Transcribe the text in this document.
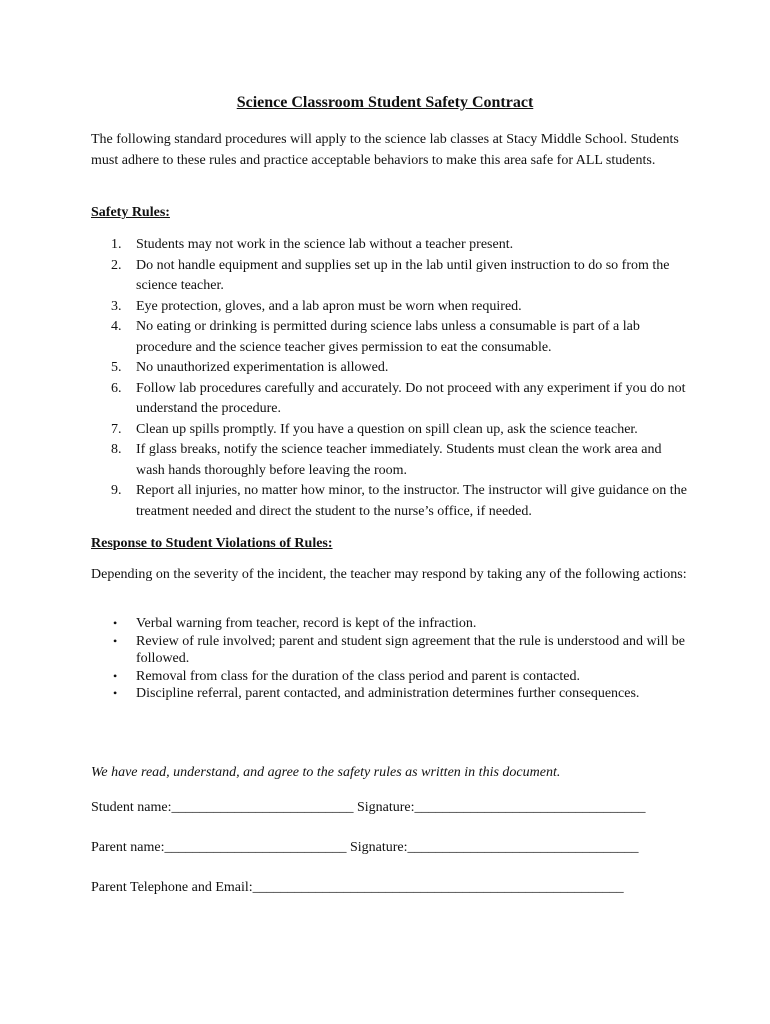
Science Classroom Student Safety Contract

The following standard procedures will apply to the science lab classes at Stacy Middle School. Students must adhere to these rules and practice acceptable behaviors to make this area safe for ALL students.

Safety Rules:

1.	Students may not work in the science lab without a teacher present.
2.	Do not handle equipment and supplies set up in the lab until given instruction to do so from the science teacher.
3.	Eye protection, gloves, and a lab apron must be worn when required.
4.	No eating or drinking is permitted during science labs unless a consumable is part of a lab procedure and the science teacher gives permission to eat the consumable.
5.	No unauthorized experimentation is allowed.
6.	Follow lab procedures carefully and accurately. Do not proceed with any experiment if you do not understand the procedure.
7.	Clean up spills promptly. If you have a question on spill clean up, ask the science teacher.
8.	If glass breaks, notify the science teacher immediately. Students must clean the work area and wash hands thoroughly before leaving the room.
9.	Report all injuries, no matter how minor, to the instructor. The instructor will give guidance on the treatment needed and direct the student to the nurse’s office, if needed.

Response to Student Violations of Rules:

Depending on the severity of the incident, the teacher may respond by taking any of the following actions:

• Verbal warning from teacher, record is kept of the infraction.
• Review of rule involved; parent and student sign agreement that the rule is understood and will be followed.
• Removal from class for the duration of the class period and parent is contacted.
• Discipline referral, parent contacted, and administration determines further consequences.

We have read, understand, and agree to the safety rules as written in this document.

Student name:__________________________ Signature:_________________________________

Parent name:__________________________ Signature:_________________________________

Parent Telephone and Email:_____________________________________________________
